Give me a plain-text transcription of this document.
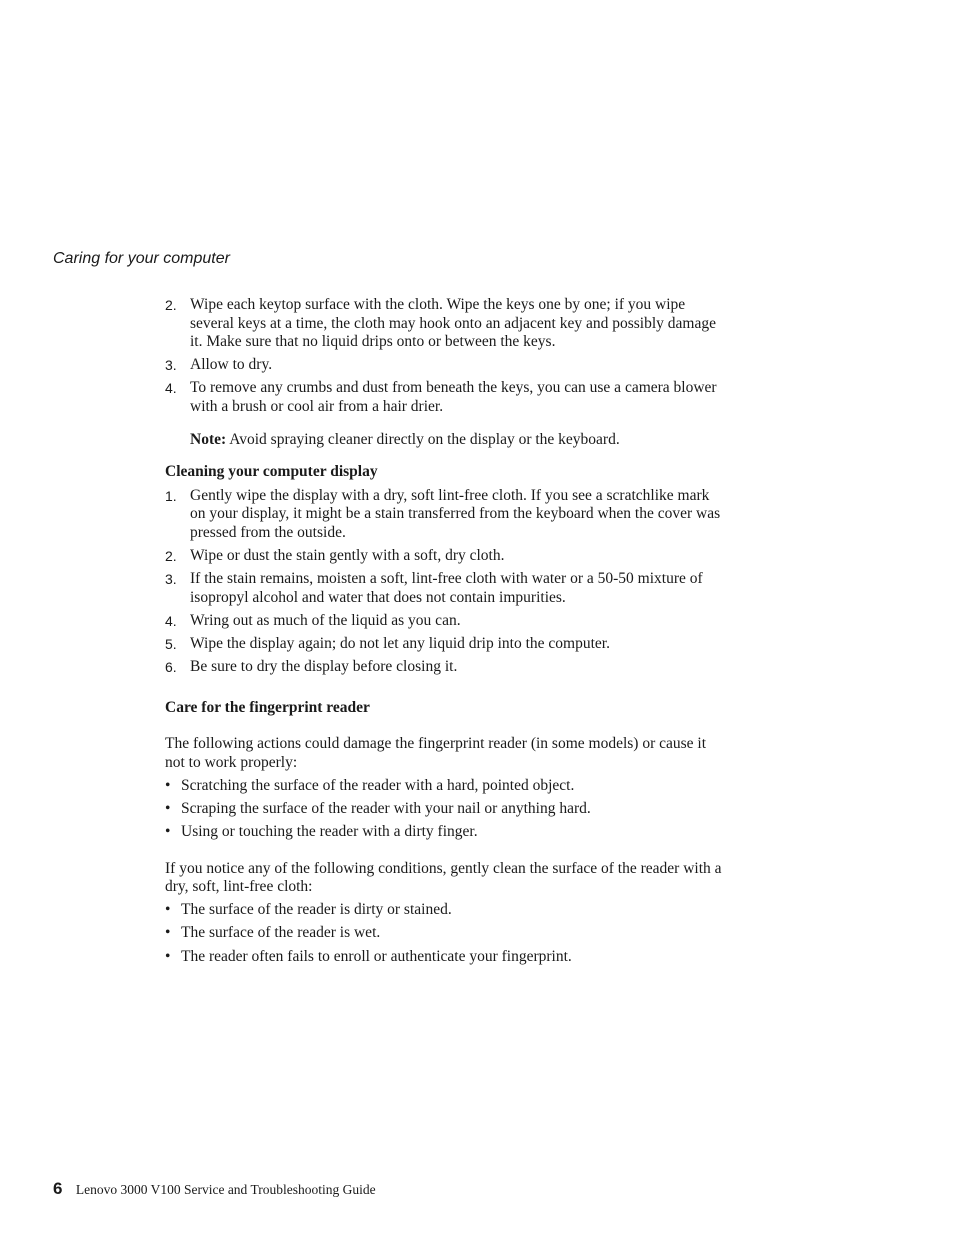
Caring for your computer
2. Wipe each keytop surface with the cloth. Wipe the keys one by one; if you wipe several keys at a time, the cloth may hook onto an adjacent key and possibly damage it. Make sure that no liquid drips onto or between the keys.
3. Allow to dry.
4. To remove any crumbs and dust from beneath the keys, you can use a camera blower with a brush or cool air from a hair drier.
Note: Avoid spraying cleaner directly on the display or the keyboard.
Cleaning your computer display
1. Gently wipe the display with a dry, soft lint-free cloth. If you see a scratchlike mark on your display, it might be a stain transferred from the keyboard when the cover was pressed from the outside.
2. Wipe or dust the stain gently with a soft, dry cloth.
3. If the stain remains, moisten a soft, lint-free cloth with water or a 50-50 mixture of isopropyl alcohol and water that does not contain impurities.
4. Wring out as much of the liquid as you can.
5. Wipe the display again; do not let any liquid drip into the computer.
6. Be sure to dry the display before closing it.
Care for the fingerprint reader

The following actions could damage the fingerprint reader (in some models) or cause it not to work properly:

• Scratching the surface of the reader with a hard, pointed object.
• Scraping the surface of the reader with your nail or anything hard.
• Using or touching the reader with a dirty finger.

If you notice any of the following conditions, gently clean the surface of the reader with a dry, soft, lint-free cloth:

• The surface of the reader is dirty or stained.
• The surface of the reader is wet.
• The reader often fails to enroll or authenticate your fingerprint.
6 Lenovo 3000 V100 Service and Troubleshooting Guide
